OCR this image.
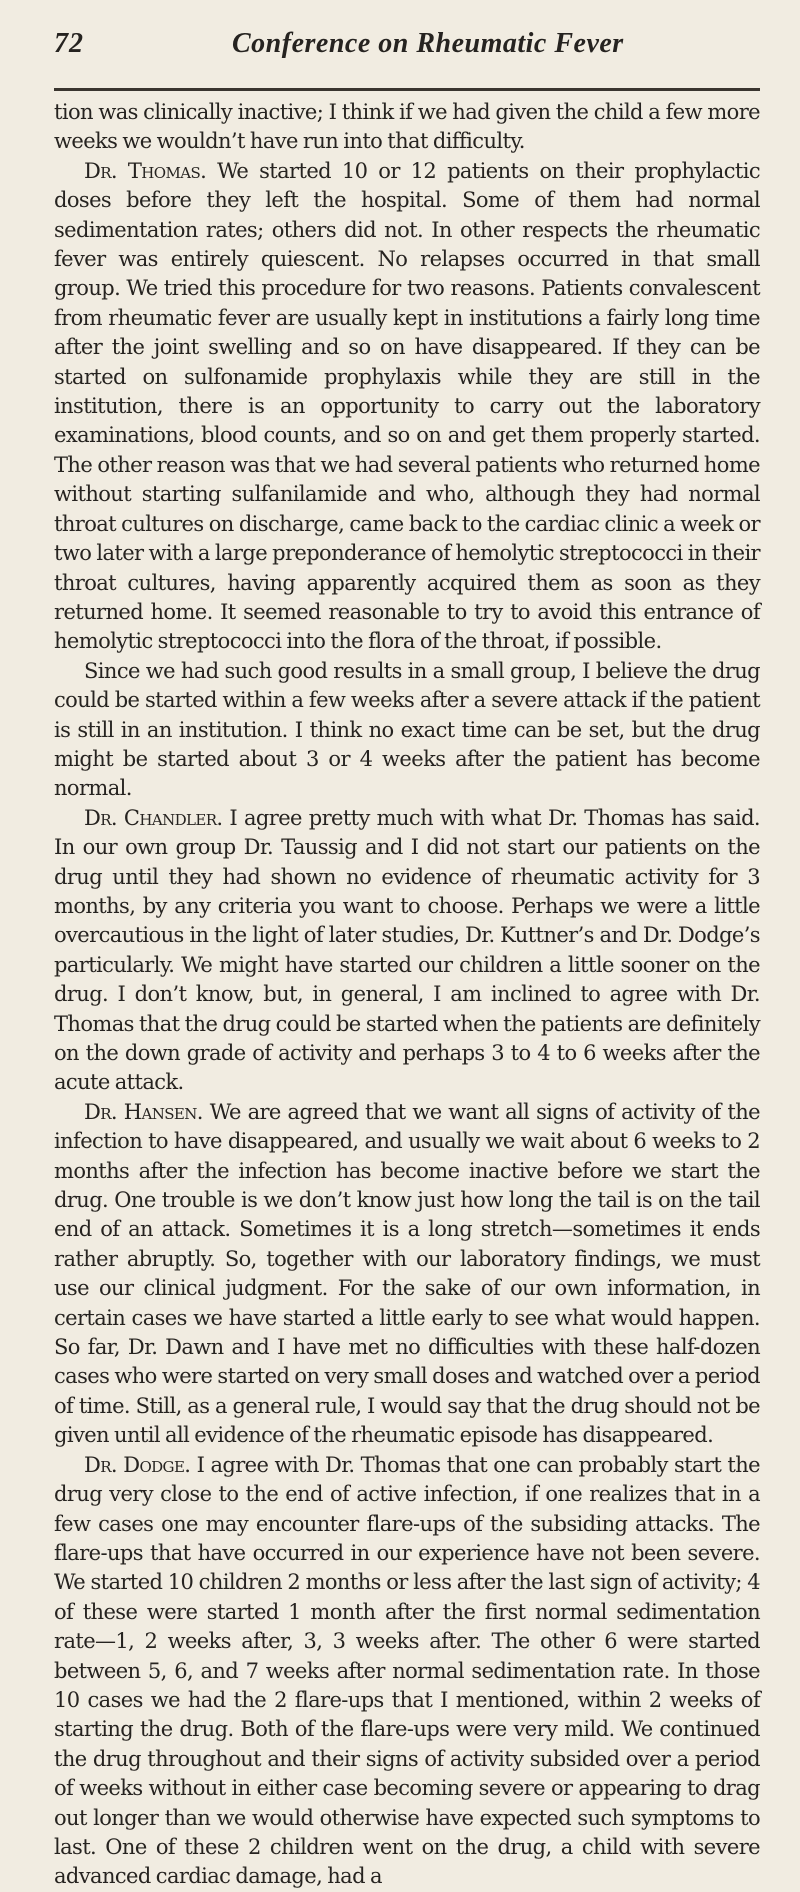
72	Conference on Rheumatic Fever

tion was clinically inactive; I think if we had given the child a few more weeks we wouldn’t have run into that difficulty.

Dr. Thomas. We started 10 or 12 patients on their prophylactic doses before they left the hospital. Some of them had normal sedimentation rates; others did not. In other respects the rheumatic fever was entirely quiescent. No relapses occurred in that small group. We tried this procedure for two reasons. Patients convalescent from rheumatic fever are usually kept in institutions a fairly long time after the joint swelling and so on have disappeared. If they can be started on sulfonamide prophylaxis while they are still in the institution, there is an opportunity to carry out the laboratory examinations, blood counts, and so on and get them properly started. The other reason was that we had several patients who returned home without starting sulfanilamide and who, although they had normal throat cultures on discharge, came back to the cardiac clinic a week or two later with a large preponderance of hemolytic streptococci in their throat cultures, having apparently acquired them as soon as they returned home. It seemed reasonable to try to avoid this entrance of hemolytic streptococci into the flora of the throat, if possible.

Since we had such good results in a small group, I believe the drug could be started within a few weeks after a severe attack if the patient is still in an institution. I think no exact time can be set, but the drug might be started about 3 or 4 weeks after the patient has become normal.

Dr. Chandler. I agree pretty much with what Dr. Thomas has said. In our own group Dr. Taussig and I did not start our patients on the drug until they had shown no evidence of rheumatic activity for 3 months, by any criteria you want to choose. Perhaps we were a little overcautious in the light of later studies, Dr. Kuttner’s and Dr. Dodge’s particularly. We might have started our children a little sooner on the drug. I don’t know, but, in general, I am inclined to agree with Dr. Thomas that the drug could be started when the patients are definitely on the down grade of activity and perhaps 3 to 4 to 6 weeks after the acute attack.

Dr. Hansen. We are agreed that we want all signs of activity of the infection to have disappeared, and usually we wait about 6 weeks to 2 months after the infection has become inactive before we start the drug. One trouble is we don’t know just how long the tail is on the tail end of an attack. Sometimes it is a long stretch—sometimes it ends rather abruptly. So, together with our laboratory findings, we must use our clinical judgment. For the sake of our own information, in certain cases we have started a little early to see what would happen. So far, Dr. Dawn and I have met no difficulties with these half-dozen cases who were started on very small doses and watched over a period of time. Still, as a general rule, I would say that the drug should not be given until all evidence of the rheumatic episode has disappeared.

Dr. Dodge. I agree with Dr. Thomas that one can probably start the drug very close to the end of active infection, if one realizes that in a few cases one may encounter flare-ups of the subsiding attacks. The flare-ups that have occurred in our experience have not been severe. We started 10 children 2 months or less after the last sign of activity; 4 of these were started 1 month after the first normal sedimentation rate—1, 2 weeks after, 3, 3 weeks after. The other 6 were started between 5, 6, and 7 weeks after normal sedimentation rate. In those 10 cases we had the 2 flare-ups that I mentioned, within 2 weeks of starting the drug. Both of the flare-ups were very mild. We continued the drug throughout and their signs of activity subsided over a period of weeks without in either case becoming severe or appearing to drag out longer than we would otherwise have expected such symptoms to last. One of these 2 children went on the drug, a child with severe advanced cardiac damage, had a
